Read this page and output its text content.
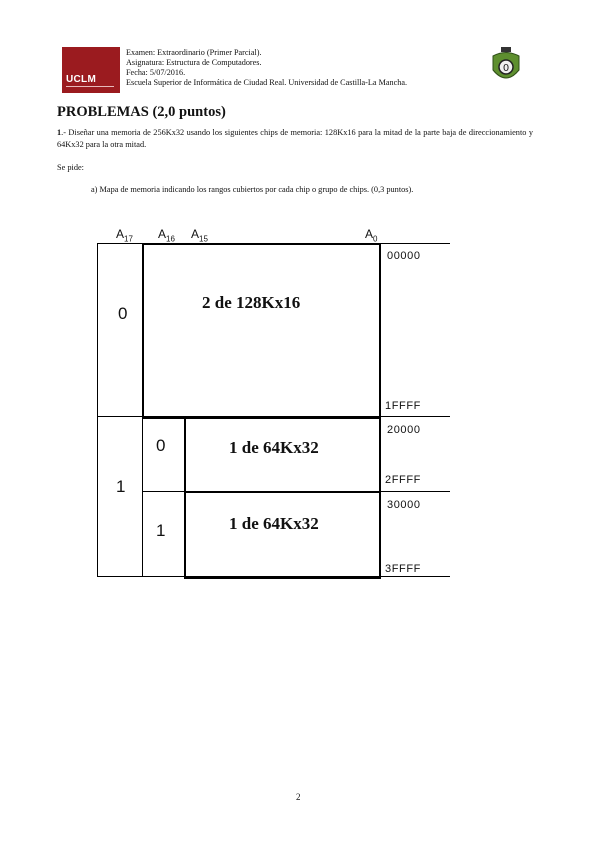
UCLM
Examen: Extraordinario (Primer Parcial).
Asignatura: Estructura de Computadores.
Fecha: 5/07/2016.
Escuela Superior de Informática de Ciudad Real. Universidad de Castilla-La Mancha.
0
PROBLEMAS (2,0 puntos)
1.- Diseñar una memoria de 256Kx32 usando los siguientes chips de memoria: 128Kx16 para la mitad de la parte baja de direccionamiento y 64Kx32 para la otra mitad.
Se pide:
a) Mapa de memoria indicando los rangos cubiertos por cada chip o grupo de chips. (0,3 puntos).
$A_{17}$ $A_{16}$ $A_{15}$	$A_0$
2 de 128Kx16
1 de 64Kx32
1 de 64Kx32
0
1
0
1
00000
1FFFF
20000
2FFFF
30000
3FFFF
2
